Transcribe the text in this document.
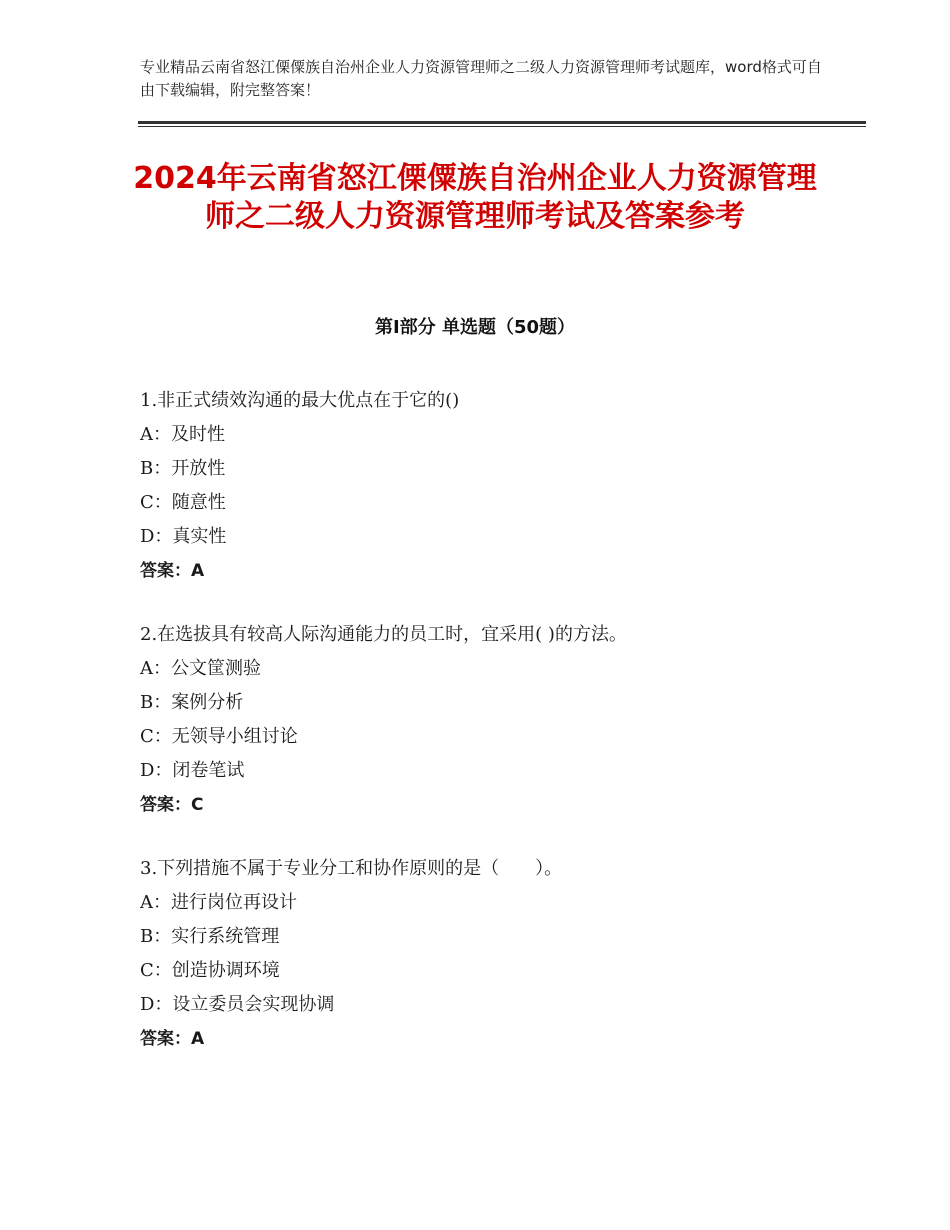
专业精品云南省怒江傈僳族自治州企业人力资源管理师之二级人力资源管理师考试题库，word格式可自由下载编辑，附完整答案！
2024年云南省怒江傈僳族自治州企业人力资源管理师之二级人力资源管理师考试及答案参考
第Ⅰ部分 单选题（50题）
1.非正式绩效沟通的最大优点在于它的()
A：及时性
B：开放性
C：随意性
D：真实性
答案：A
2.在选拔具有较高人际沟通能力的员工时，宜采用( )的方法。
A：公文筐测验
B：案例分析
C：无领导小组讨论
D：闭卷笔试
答案：C
3.下列措施不属于专业分工和协作原则的是（　　）。
A：进行岗位再设计
B：实行系统管理
C：创造协调环境
D：设立委员会实现协调
答案：A
